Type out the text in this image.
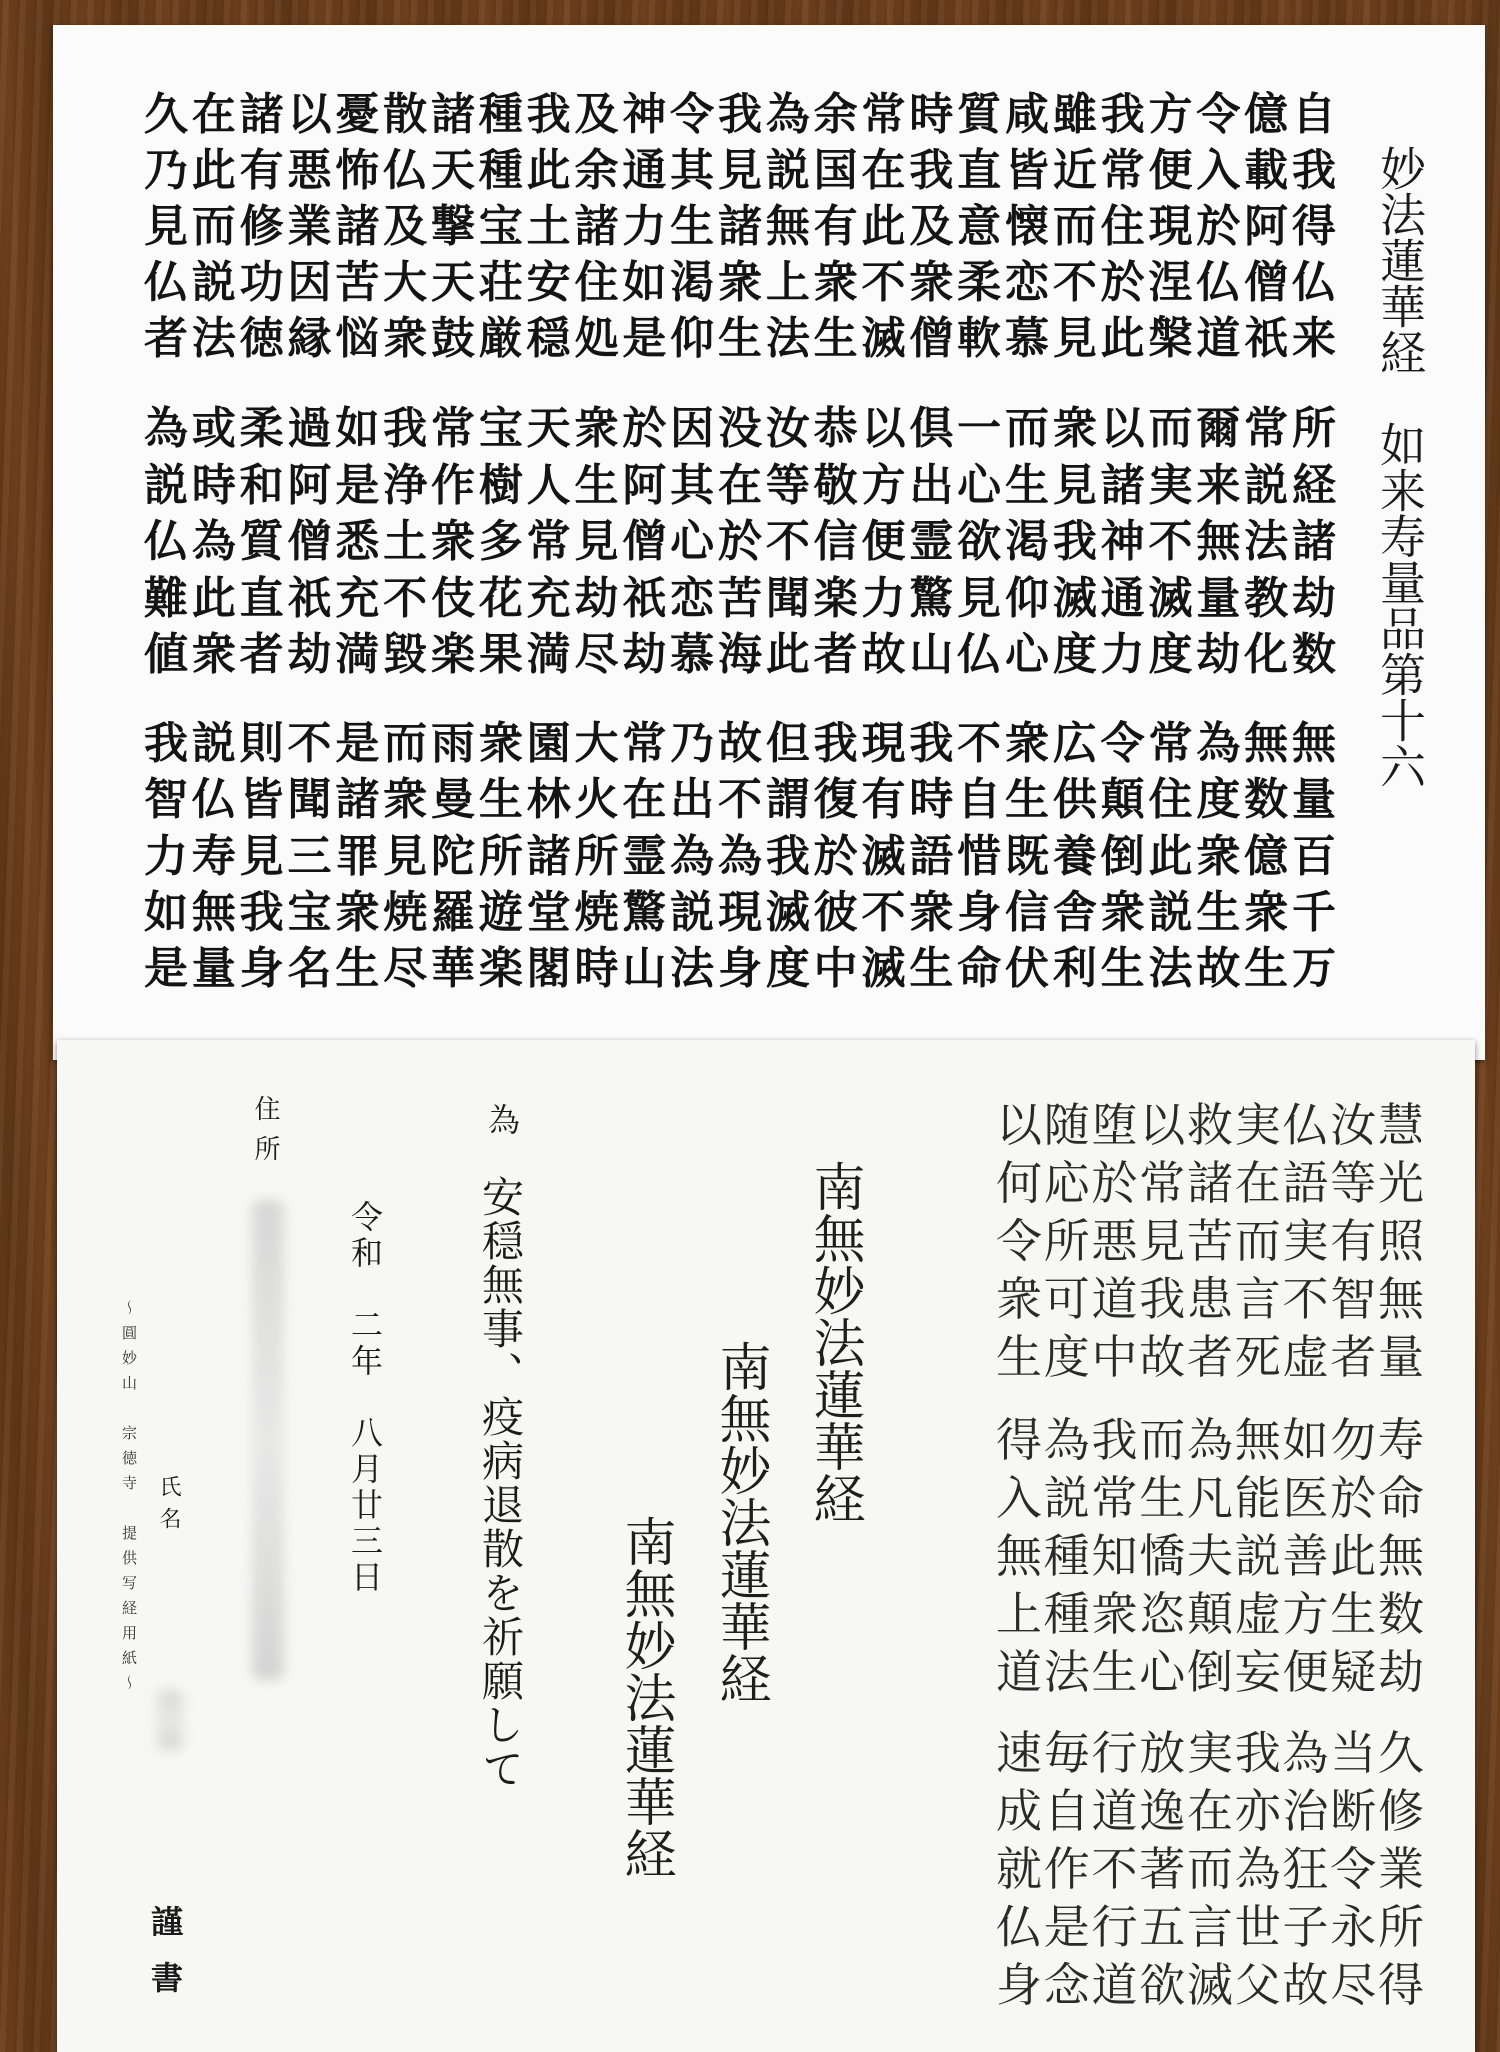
妙法蓮華経　如来寿量品第十六
久在諸以憂散諸種我及神令我為余常時質咸雖我方令億自
乃此有悪怖仏天種此余通其見説国在我直皆近常便入載我
見而修業諸及撃宝土諸力生諸無有此及意懐而住現於阿得
仏説功因苦大天荘安住如渇衆上衆不衆柔恋不於涅仏僧仏
者法徳縁悩衆鼓厳穏処是仰生法生滅僧軟慕見此槃道祇来
為或柔過如我常宝天衆於因没汝恭以倶一而衆以而爾常所
説時和阿是浄作樹人生阿其在等敬方出心生見諸実来説経
仏為質僧悉土衆多常見僧心於不信便霊欲渇我神不無法諸
難此直祇充不伎花充劫祇恋苦聞楽力驚見仰滅通滅量教劫
値衆者劫満毀楽果満尽劫慕海此者故山仏心度力度劫化数
我説則不是而雨衆園大常乃故但我現我不衆広令常為無無
智仏皆聞諸衆曼生林火在出不謂復有時自生供顛住度数量
力寿見三罪見陀所諸所霊為為我於滅語惜既養倒此衆億百
如無我宝衆焼羅遊堂焼驚説現滅彼不衆身信舎衆説生衆千
是量身名生尽華楽閣時山法身度中滅生命伏利生法故生万
以随堕以救実仏汝慧
何応於常諸在語等光
令所悪見苦而実有照
衆可道我患言不智無
生度中故者死虚者量
得為我而為無如勿寿
入説常生凡能医於命
無種知憍夫説善此無
上種衆恣顛虚方生数
道法生心倒妄便疑劫
速毎行放実我為当久
成自道逸在亦治断修
就作不著而為狂令業
仏是行五言世子永所
身念道欲滅父故尽得
南無妙法蓮華経
南無妙法蓮華経
南無妙法蓮華経
為
安穏無事、疫病退散を祈願して
令和　二年　八月廿三日
住所
氏名
～圓妙山　宗徳寺　提供写経用紙～
謹書
